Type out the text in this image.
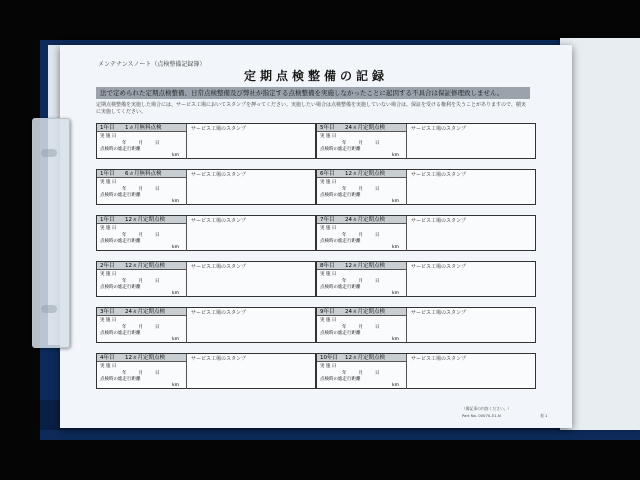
メンテナンスノート（点検整備記録簿）
定期点検整備の記録
法で定められた定期点検整備、日常点検整備及び弊社が指定する点検整備を実施しなかったことに起因する不具合は保証修理致しません。
定期点検整備を実施した場合には、サービス工場においてスタンプを押ってください。実施したい場合は点検整備を実施していない場合は、保証を受ける権利を失うことがありますので、積実に実施してください。
1年目 1ヵ月無料点検
実 施 日
年月日
点検時の総走行距離
km
サービス工場のスタンプ
1年目 6ヵ月無料点検
実 施 日
年月日
点検時の総走行距離
km
サービス工場のスタンプ
1年目 12ヵ月定期点検
実 施 日
年月日
点検時の総走行距離
km
サービス工場のスタンプ
2年目 12ヵ月定期点検
実 施 日
年月日
点検時の総走行距離
km
サービス工場のスタンプ
3年目 24ヵ月定期点検
実 施 日
年月日
点検時の総走行距離
km
サービス工場のスタンプ
4年目 12ヵ月定期点検
実 施 日
年月日
点検時の総走行距離
km
サービス工場のスタンプ
5年目 24ヵ月定期点検
実 施 日
年月日
点検時の総走行距離
km
サービス工場のスタンプ
6年目 12ヵ月定期点検
実 施 日
年月日
点検時の総走行距離
km
サービス工場のスタンプ
7年目 24ヵ月定期点検
実 施 日
年月日
点検時の総走行距離
km
サービス工場のスタンプ
8年目 12ヵ月定期点検
実 施 日
年月日
点検時の総走行距離
km
サービス工場のスタンプ
9年目 24ヵ月定期点検
実 施 日
年月日
点検時の総走行距離
km
サービス工場のスタンプ
10年目 12ヵ月定期点検
実 施 日
年月日
点検時の総走行距離
km
サービス工場のスタンプ
（備記事の内容ください。）
Part No. 00070-51-N	表 1
